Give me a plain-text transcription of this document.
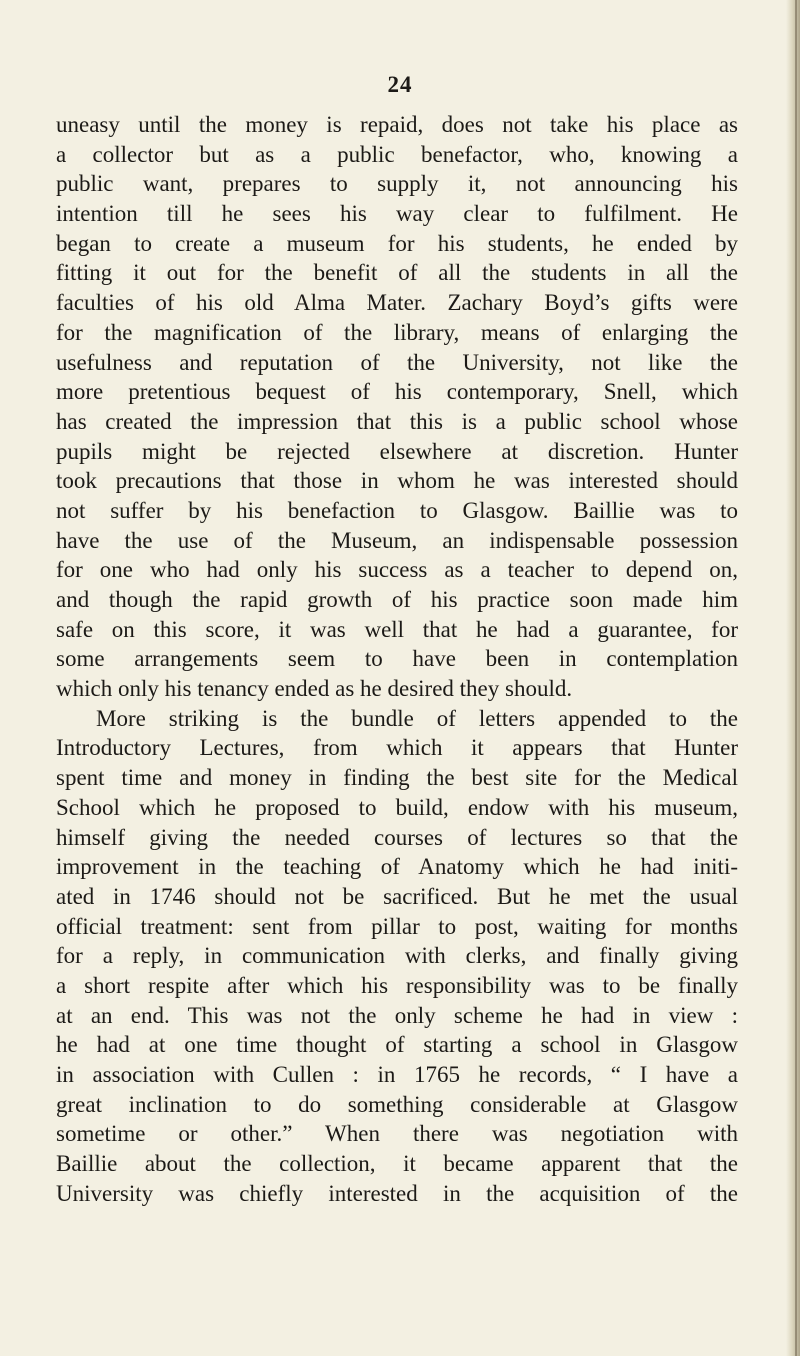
24
uneasy until the money is repaid, does not take his place as
a collector but as a public benefactor, who, knowing a
public want, prepares to supply it, not announcing his
intention till he sees his way clear to fulfilment. He
began to create a museum for his students, he ended by
fitting it out for the benefit of all the students in all the
faculties of his old Alma Mater. Zachary Boyd’s gifts were
for the magnification of the library, means of enlarging the
usefulness and reputation of the University, not like the
more pretentious bequest of his contemporary, Snell, which
has created the impression that this is a public school whose
pupils might be rejected elsewhere at discretion. Hunter
took precautions that those in whom he was interested should
not suffer by his benefaction to Glasgow. Baillie was to
have the use of the Museum, an indispensable possession
for one who had only his success as a teacher to depend on,
and though the rapid growth of his practice soon made him
safe on this score, it was well that he had a guarantee, for
some arrangements seem to have been in contemplation
which only his tenancy ended as he desired they should.
More striking is the bundle of letters appended to the
Introductory Lectures, from which it appears that Hunter
spent time and money in finding the best site for the Medical
School which he proposed to build, endow with his museum,
himself giving the needed courses of lectures so that the
improvement in the teaching of Anatomy which he had initi-
ated in 1746 should not be sacrificed. But he met the usual
official treatment: sent from pillar to post, waiting for months
for a reply, in communication with clerks, and finally giving
a short respite after which his responsibility was to be finally
at an end. This was not the only scheme he had in view :
he had at one time thought of starting a school in Glasgow
in association with Cullen : in 1765 he records, “ I have a
great inclination to do something considerable at Glasgow
sometime or other.” When there was negotiation with
Baillie about the collection, it became apparent that the
University was chiefly interested in the acquisition of the
